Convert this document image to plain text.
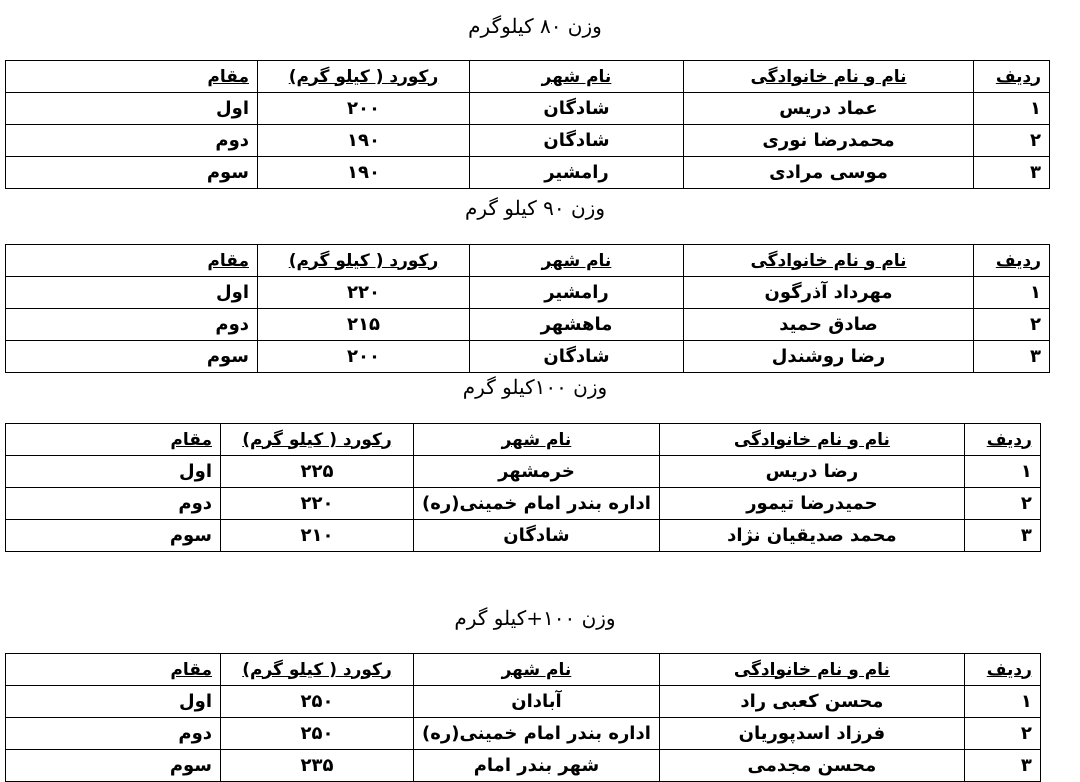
وزن ۸۰ کیلوگرم
ردیف	نام و نام خانوادگی	نام شهر	رکورد ( کیلو گرم)	مقام
۱	عماد دریس	شادگان	۲۰۰	اول
۲	محمدرضا نوری	شادگان	۱۹۰	دوم
۳	موسی مرادی	رامشیر	۱۹۰	سوم
وزن ۹۰ کیلو گرم
ردیف	نام و نام خانوادگی	نام شهر	رکورد ( کیلو گرم)	مقام
۱	مهرداد آذرگون	رامشیر	۲۲۰	اول
۲	صادق حمید	ماهشهر	۲۱۵	دوم
۳	رضا روشندل	شادگان	۲۰۰	سوم
وزن ۱۰۰کیلو گرم
ردیف	نام و نام خانوادگی	نام شهر	رکورد ( کیلو گرم)	مقام
۱	رضا دریس	خرمشهر	۲۲۵	اول
۲	حمیدرضا تیمور	اداره بندر امام خمینی(ره)	۲۲۰	دوم
۳	محمد صدیقیان نژاد	شادگان	۲۱۰	سوم
وزن ۱۰۰+کیلو گرم
ردیف	نام و نام خانوادگی	نام شهر	رکورد ( کیلو گرم)	مقام
۱	محسن کعبی راد	آبادان	۲۵۰	اول
۲	فرزاد اسدپوریان	اداره بندر امام خمینی(ره)	۲۵۰	دوم
۳	محسن مجدمی	شهر بندر امام	۲۳۵	سوم
